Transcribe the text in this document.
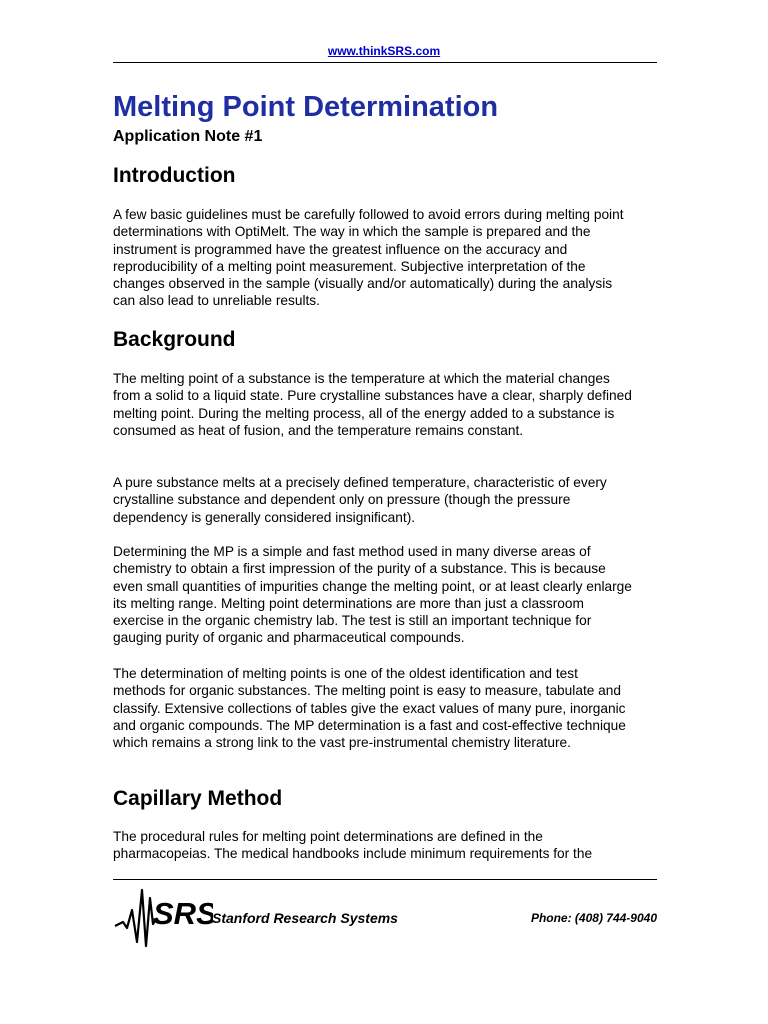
www.thinkSRS.com
Melting Point Determination
Application Note #1
Introduction

A few basic guidelines must be carefully followed to avoid errors during melting point determinations with OptiMelt. The way in which the sample is prepared and the instrument is programmed have the greatest influence on the accuracy and reproducibility of a melting point measurement. Subjective interpretation of the changes observed in the sample (visually and/or automatically) during the analysis can also lead to unreliable results.

Background

The melting point of a substance is the temperature at which the material changes from a solid to a liquid state. Pure crystalline substances have a clear, sharply defined melting point. During the melting process, all of the energy added to a substance is consumed as heat of fusion, and the temperature remains constant.

A pure substance melts at a precisely defined temperature, characteristic of every crystalline substance and dependent only on pressure (though the pressure dependency is generally considered insignificant).

Determining the MP is a simple and fast method used in many diverse areas of chemistry to obtain a first impression of the purity of a substance. This is because even small quantities of impurities change the melting point, or at least clearly enlarge its melting range. Melting point determinations are more than just a classroom exercise in the organic chemistry lab. The test is still an important technique for gauging purity of organic and pharmaceutical compounds.

The determination of melting points is one of the oldest identification and test methods for organic substances. The melting point is easy to measure, tabulate and classify. Extensive collections of tables give the exact values of many pure, inorganic and organic compounds. The MP determination is a fast and cost-effective technique which remains a strong link to the vast pre-instrumental chemistry literature.

Capillary Method

The procedural rules for melting point determinations are defined in the pharmacopeias. The medical handbooks include minimum requirements for the

SRS
Stanford Research Systems	Phone: (408) 744-9040
